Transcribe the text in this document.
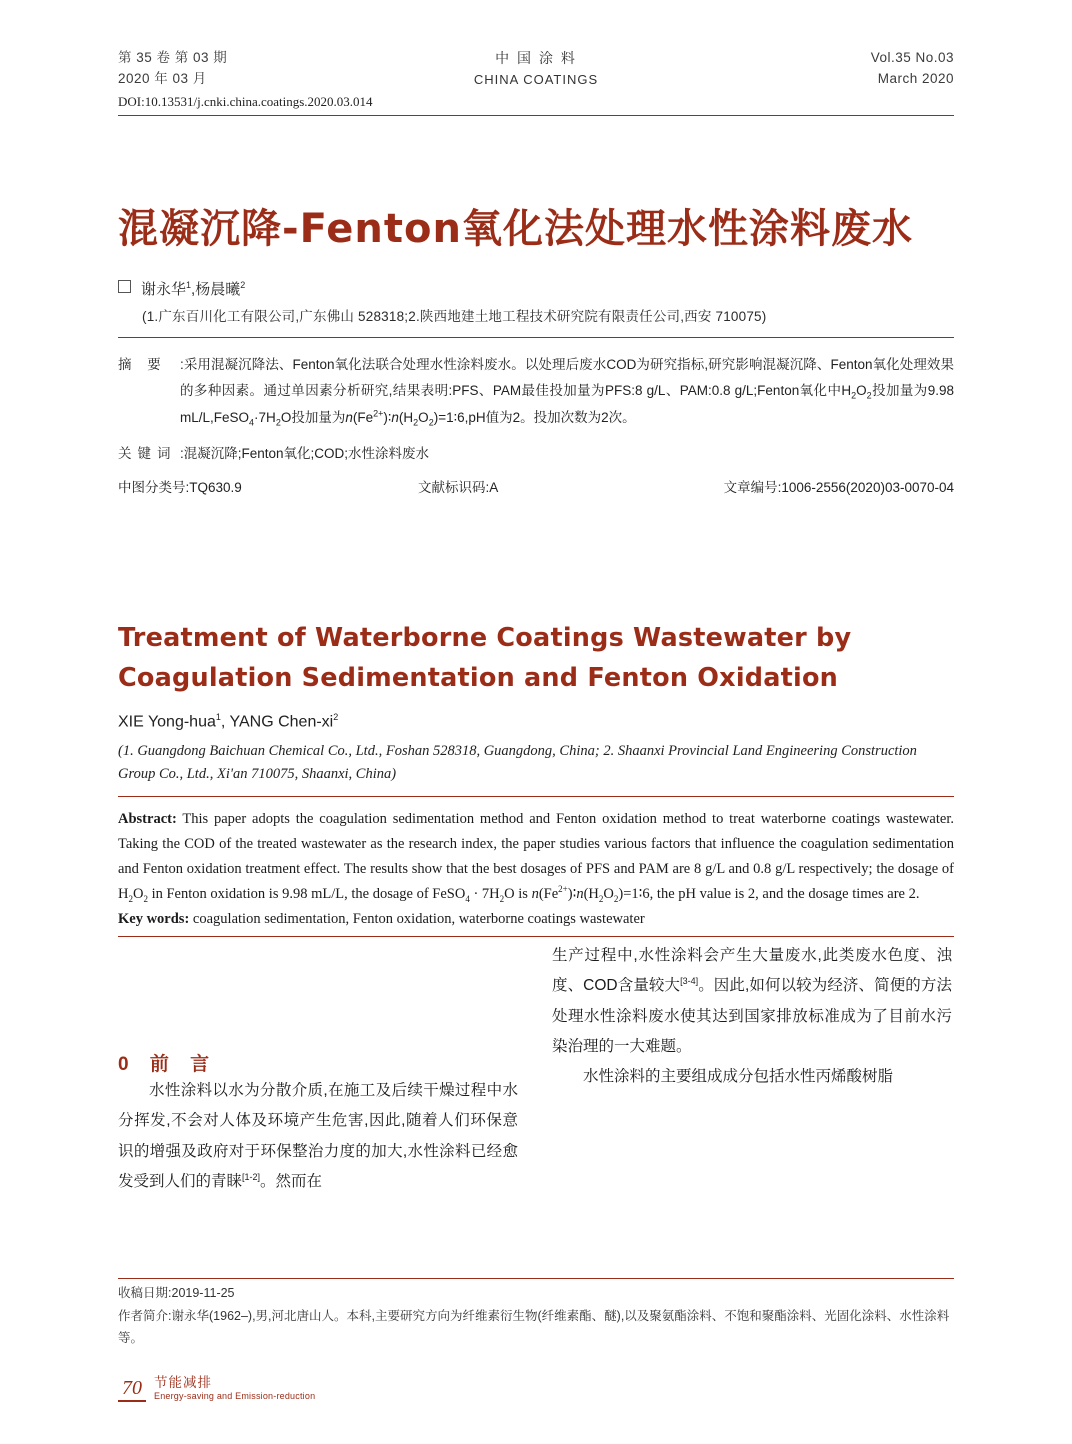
第 35 卷 第 03 期
2020 年 03 月
中 国 涂 料
CHINA COATINGS
Vol.35 No.03
March 2020
DOI:10.13531/j.cnki.china.coatings.2020.03.014
混凝沉降-Fenton氧化法处理水性涂料废水
谢永华$^1$,杨晨曦$^2$
(1.广东百川化工有限公司,广东佛山 528318;2.陕西地建土地工程技术研究院有限责任公司,西安 710075)
摘 要 :采用混凝沉降法、Fenton氧化法联合处理水性涂料废水。以处理后废水COD为研究指标,研究影响混凝沉降、Fenton氧化处理效果的多种因素。通过单因素分析研究,结果表明:PFS、PAM最佳投加量为PFS:8 g/L、PAM:0.8 g/L;Fenton氧化中$H_2O_2$投加量为9.98 $mL/L,FeSO_4\cdot 7H_2O$投加量为$n(Fe^{2+})∶n(H_2O_2)=1∶6,pH$值为2。投加次数为2次。
关键词 :混凝沉降;Fenton氧化;COD;水性涂料废水
中图分类号:TQ630.9	文献标识码:A	文章编号:1006-2556(2020)03-0070-04
Treatment of Waterborne Coatings Wastewater by Coagulation Sedimentation and Fenton Oxidation
XIE Yong-hua$^1$, YANG Chen-$xi^2$
(1. Guangdong Baichuan Chemical Co., Ltd., Foshan 528318, Guangdong, China; 2. Shaanxi Provincial Land Engineering Construction Group Co., Ltd., Xi'an 710075, Shaanxi, China)
Abstract: This paper adopts the coagulation sedimentation method and Fenton oxidation method to treat waterborne coatings wastewater. Taking the COD of the treated wastewater as the research index, the paper studies various factors that influence the coagulation sedimentation and Fenton oxidation treatment effect. The results show that the best dosages of PFS and PAM are 8 g/L and 0.8 g/L respectively; the dosage of $H_2O_2$ in Fenton oxidation is 9.98 mL/L, the dosage of FeSO$_4$ · $7H_2O$ is $n(Fe^{2+})∶n(H_2O_2)=1∶6$, the pH value is 2, and the dosage times are 2.
Key words: coagulation sedimentation, Fenton oxidation, waterborne coatings wastewater
0 前 言
水性涂料以水为分散介质,在施工及后续干燥过程中水分挥发,不会对人体及环境产生危害,因此,随着人们环保意识的增强及政府对于环保整治力度的加大,水性涂料已经愈发受到人们的青睐[1-2]。然而在
生产过程中,水性涂料会产生大量废水,此类废水色度、浊度、COD含量较大[3-4]。因此,如何以较为经济、简便的方法处理水性涂料废水使其达到国家排放标准成为了目前水污染治理的一大难题。
水性涂料的主要组成成分包括水性丙烯酸树脂
收稿日期:2019-11-25
作者简介:谢永华(1962–),男,河北唐山人。本科,主要研究方向为纤维素衍生物(纤维素酯、醚),以及聚氨酯涂料、不饱和聚酯涂料、光固化涂料、水性涂料等。
70 节能减排
Energy-saving and Emission-reduction
